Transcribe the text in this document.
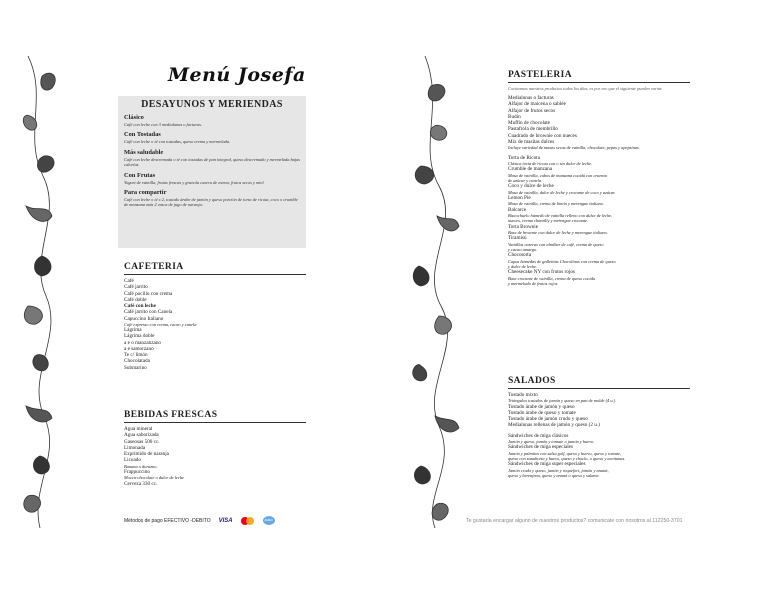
Menú Josefa
DESAYUNOS Y MERIENDAS
Clásico
Café con leche con 3 medialunas o facturas.
Con Tostadas
Café con leche o té con tostadas, queso crema y mermelada.
Más saludable
Café con leche descremada o té con tostadas de pan integral, queso descremado y mermelada bajas calorías.
Con Frutas
Yogurt de vainilla, frutas frescas y granola casera de avena, frutos secos y miel.
Para compartir
Café con leche o té x 2, tostado árabe de jamón y queso porción de torta de ricota, coco o crumble de manzana más 2 vasos de jugo de naranja.
CAFETERIA
Café
Café jarrito
Café pocillo con crema
Café doble
Café con leche
Café jarrito con Canela
Capuccino Italiano
Café expresso con crema, cacao y canela
Lágrima
Lágrima doble
a e o manzanzano
a e samorzano
Te c/ limón
Chocolatada
Submarino
BEBIDAS FRESCAS
Agua mineral
Agua saborizada
Gaseosas 500 cc.
Limonada
Exprimido de naranja
Licuado
Banana o durazno.
Frappuccino
Mocca-chocolate o dulce de leche
Cerveza 330 cc.
Métodos de pago EFECTIVO -DEBITO VISA	AMEX
PASTELERIA
Cocinamos nuestros productos todos los días, es por eso que el siguiente pueden variar.
Medialunas o facturas
Alfajor de maicena o sablée
Alfajor de frutos secos
Budín
Muffin de chocolate
Pastafrola de membrillo
Cuadrado de brownie con nueces
Mix de masitas dulces
Incluye variedad de masas secas de vainilla, chocolate, pepas y apepsinas.
Torta de Ricota
Clásica torta de ricota con o sin dulce de leche.
Crumble de manzana
Masa de vainilla, cubos de manzana cocida con cruenta
de azúcar y canela.
Coco y dulce de leche
Masa de vainilla, dulce de leche y crocante de coco y azúcar.
Lemon Pie
Masa de vainilla, crema de limón y merengue italiano.
Balcarce
Bizcochuelo húmedo de vainilla relleno con dulce de leche,
nueces, crema chantilly y merengue crocante.
Torta Brownie
Base de brownie con dulce de leche y merengue italiano.
Tiramisú
Vainillas caseras con almíbar de café, crema de queso
y cacao amargo.
Chocotorta
Capas húmedas de galletitas Chocolinas con crema de queso
y dulce de leche.
Cheesecake NY con frutos rojos
Base crocante de vainilla, crema de queso cocida
y mermelada de frutos rojos.
SALADOS
Tostado mixto
Triángulos tostados de jamón y queso en pan de molde (4 u.).
Tostado árabe de jamón y queso
Tostado árabe de queso y tomate
Tostado árabe de jamón crudo y queso
Medialunas rellenas de jamón y queso (2 u.)
Sándwiches de miga clásicos
Jamón y queso, jamón y tomate o jamón y huevo.
Sándwiches de miga especiales
Jamón y palmitos con salsa golf, queso y huevo, queso y tomate,
queso con zanahoria y huevo, queso y choclo, o queso y aceitunas.
Sándwiches de miga super especiales
Jamón crudo y queso, jamón y roquefort, jamón y ananá,
queso y berenjena, queso y ananá o queso y salame.
Te gustaría encargar alguno de nuestros productos? comunicate con nosotros al 112250-3701
